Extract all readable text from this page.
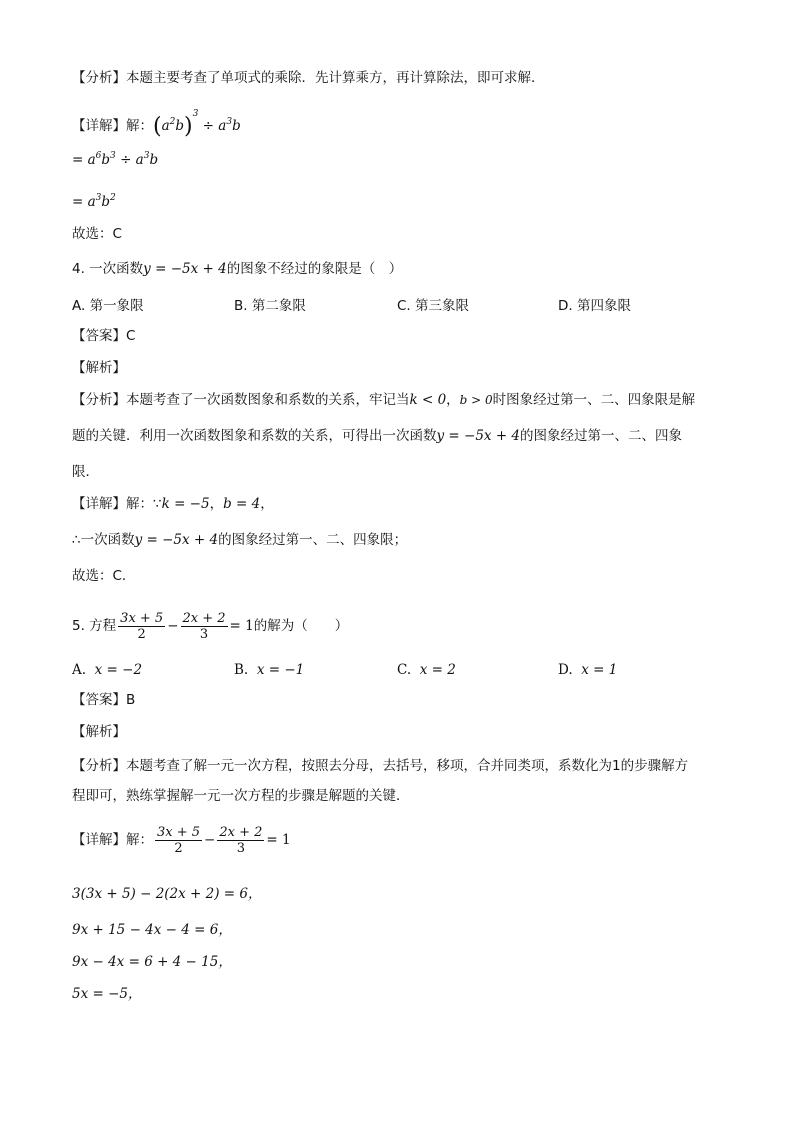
【分析】本题主要考查了单项式的乘除．先计算乘方，再计算除法，即可求解．
【详解】解：$(a^2b)^3 \div a^3b$
= $a^6b^3 \div a^3b$
= $a^3b^2$
故选：C
4. 一次函数y = −5x + 4的图象不经过的象限是（　）
A. 第一象限	B. 第二象限	C. 第三象限	D. 第四象限
【答案】C
【解析】
【分析】本题考查了一次函数图象和系数的关系，牢记当k < 0，b > 0时图象经过第一、二、四象限是解
题的关键．利用一次函数图象和系数的关系，可得出一次函数y = −5x + 4的图象经过第一、二、四象
限．
【详解】解：∵k = −5，b = 4，
∴一次函数y = −5x + 4的图象经过第一、二、四象限；
故选：C．
5. 方程 $\frac{3x + 5}{2} - \frac{2x + 2}{3} = 1$的解为（　　）
A. x = −2	B. x = −1	C. x = 2	D. x = 1
【答案】B
【解析】
【分析】本题考查了解一元一次方程，按照去分母，去括号，移项，合并同类项，系数化为1的步骤解方
程即可，熟练掌握解一元一次方程的步骤是解题的关键．
【详解】解： $\frac{3x + 5}{2} - \frac{2x + 2}{3} = 1$
3(3x + 5) − 2(2x + 2) = 6，
9x + 15 − 4x − 4 = 6，
9x − 4x = 6 + 4 − 15，
5x = −5，
